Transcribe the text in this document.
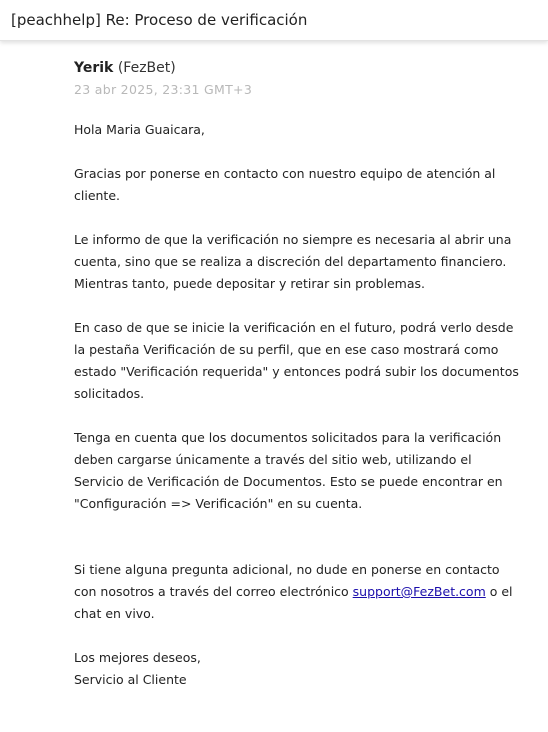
[peachhelp] Re: Proceso de verificación
Yerik (FezBet)
23 abr 2025, 23:31 GMT+3

Hola Maria Guaicara,

Gracias por ponerse en contacto con nuestro equipo de atención al cliente.

Le informo de que la verificación no siempre es necesaria al abrir una cuenta, sino que se realiza a discreción del departamento financiero. Mientras tanto, puede depositar y retirar sin problemas.

En caso de que se inicie la verificación en el futuro, podrá verlo desde la pestaña Verificación de su perfil, que en ese caso mostrará como estado "Verificación requerida" y entonces podrá subir los documentos solicitados.

Tenga en cuenta que los documentos solicitados para la verificación deben cargarse únicamente a través del sitio web, utilizando el Servicio de Verificación de Documentos. Esto se puede encontrar en "Configuración => Verificación" en su cuenta.

Si tiene alguna pregunta adicional, no dude en ponerse en contacto con nosotros a través del correo electrónico support@FezBet.com o el chat en vivo.

Los mejores deseos,

Servicio al Cliente
